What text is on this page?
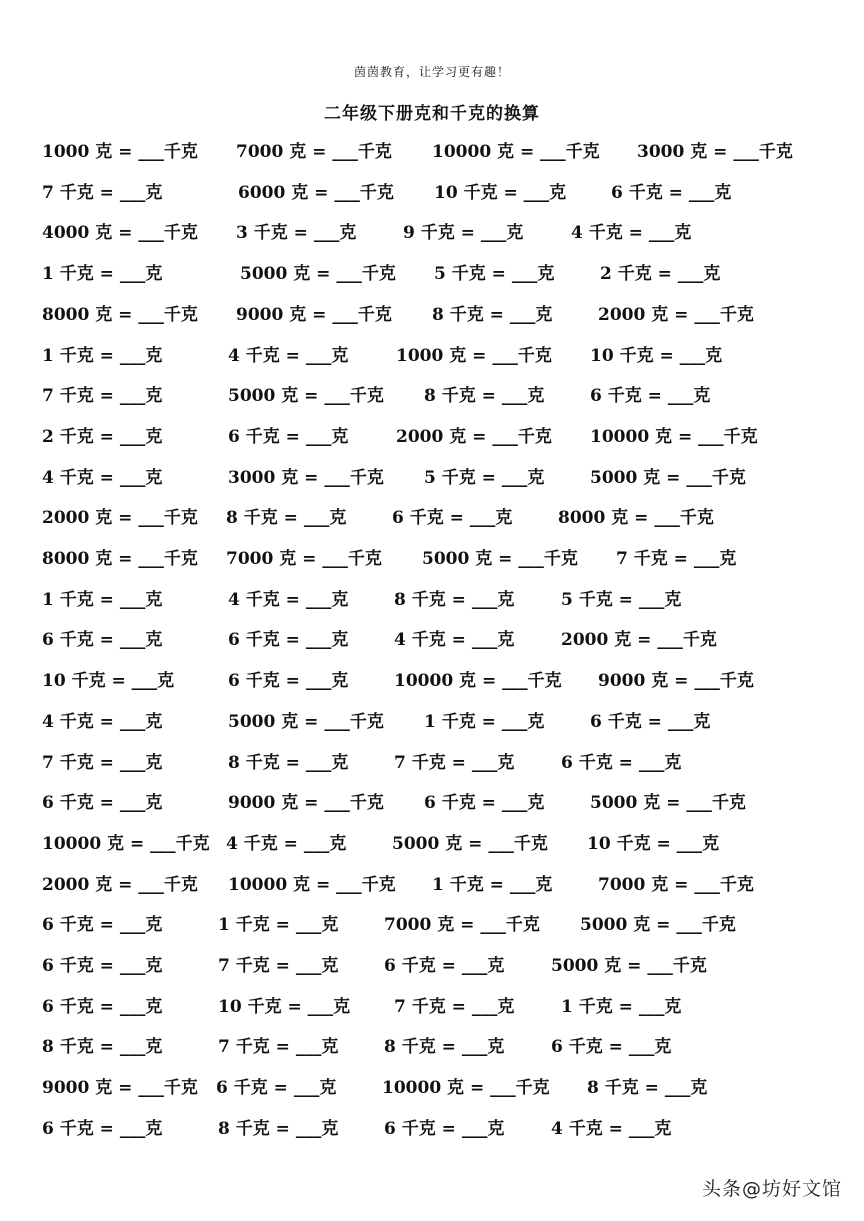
茵茵教育，让学习更有趣！
二年级下册克和千克的换算
1000 克 = ___千克 7000 克 = ___千克 10000 克 = ___千克 3000 克 = ___千克
7 千克 = ___克	6000 克 = ___千克 10 千克 = ___克	6 千克 = ___克
4000 克 = ___千克 3 千克 = ___克	9 千克 = ___克	4 千克 = ___克
1 千克 = ___克	5000 克 = ___千克 5 千克 = ___克	2 千克 = ___克
8000 克 = ___千克 9000 克 = ___千克 8 千克 = ___克	2000 克 = ___千克
1 千克 = ___克	4 千克 = ___克	1000 克 = ___千克 10 千克 = ___克
7 千克 = ___克	5000 克 = ___千克 8 千克 = ___克	6 千克 = ___克
2 千克 = ___克	6 千克 = ___克	2000 克 = ___千克 10000 克 = ___千克
4 千克 = ___克	3000 克 = ___千克 5 千克 = ___克	5000 克 = ___千克
2000 克 = ___千克 8 千克 = ___克	6 千克 = ___克	8000 克 = ___千克
8000 克 = ___千克 7000 克 = ___千克 5000 克 = ___千克 7 千克 = ___克
1 千克 = ___克	4 千克 = ___克	8 千克 = ___克	5 千克 = ___克
6 千克 = ___克	6 千克 = ___克	4 千克 = ___克	2000 克 = ___千克
10 千克 = ___克	6 千克 = ___克	10000 克 = ___千克 9000 克 = ___千克
4 千克 = ___克	5000 克 = ___千克 1 千克 = ___克	6 千克 = ___克
7 千克 = ___克	8 千克 = ___克	7 千克 = ___克	6 千克 = ___克
6 千克 = ___克	9000 克 = ___千克 6 千克 = ___克	5000 克 = ___千克
10000 克 = ___千克 4 千克 = ___克	5000 克 = ___千克 10 千克 = ___克
2000 克 = ___千克 10000 克 = ___千克 1 千克 = ___克	7000 克 = ___千克
6 千克 = ___克	1 千克 = ___克	7000 克 = ___千克 5000 克 = ___千克
6 千克 = ___克	7 千克 = ___克	6 千克 = ___克	5000 克 = ___千克
6 千克 = ___克	10 千克 = ___克	7 千克 = ___克	1 千克 = ___克
8 千克 = ___克	7 千克 = ___克	8 千克 = ___克	6 千克 = ___克
9000 克 = ___千克 6 千克 = ___克	10000 克 = ___千克 8 千克 = ___克
6 千克 = ___克	8 千克 = ___克	6 千克 = ___克	4 千克 = ___克
头条@坊好文馆
